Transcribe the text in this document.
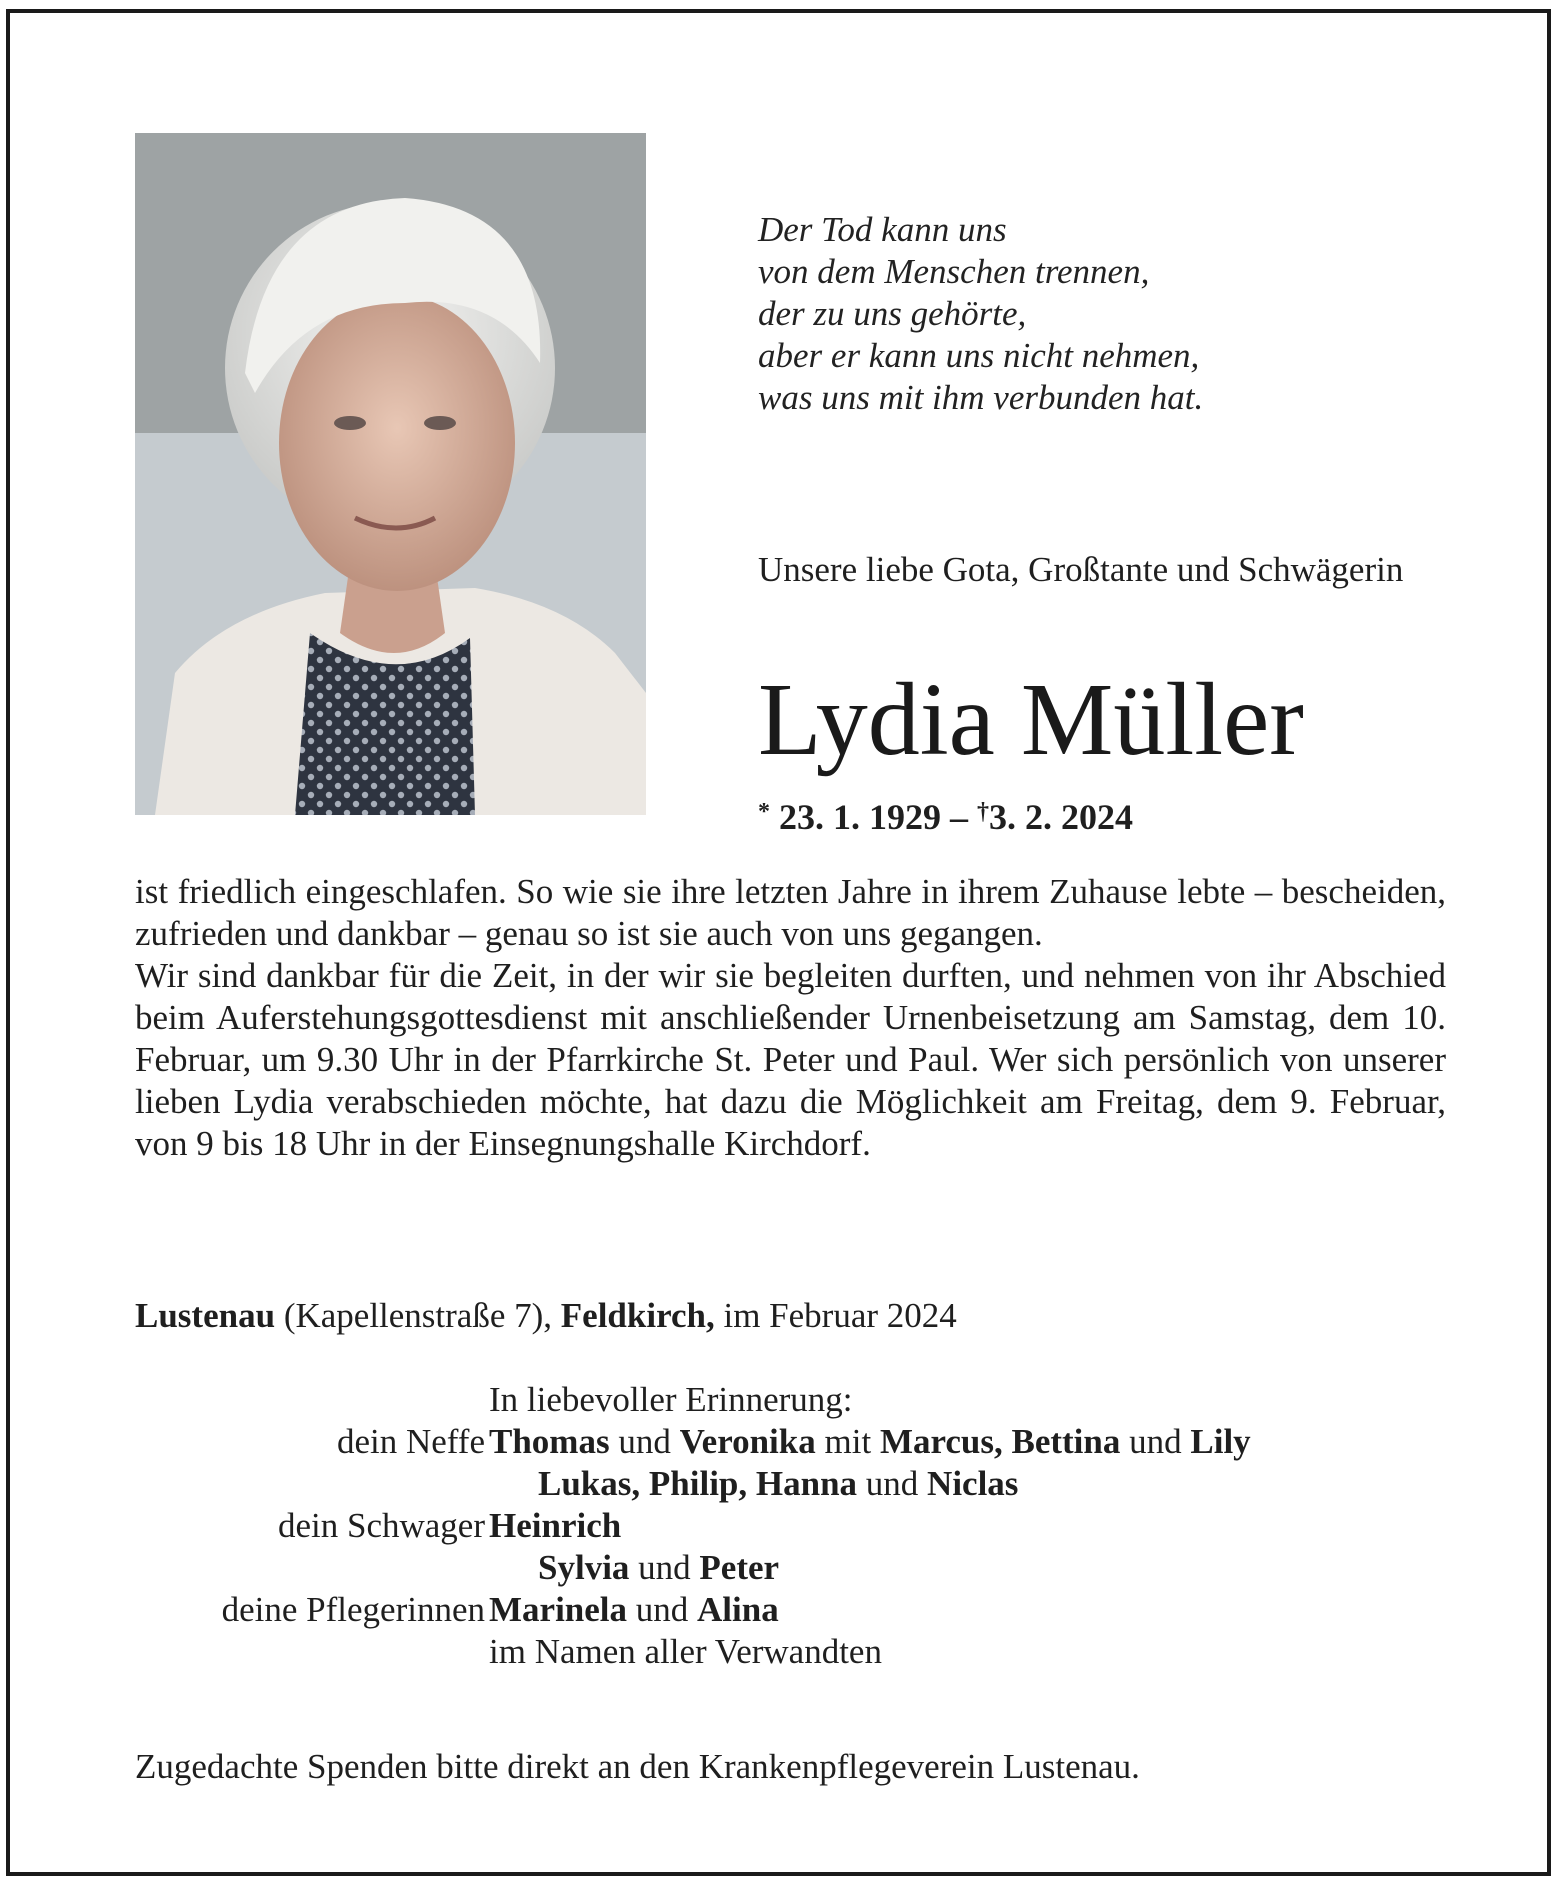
Der Tod kann uns
von dem Menschen trennen,
der zu uns gehörte,
aber er kann uns nicht nehmen,
was uns mit ihm verbunden hat.
Unsere liebe Gota, Großtante und Schwägerin
Lydia Müller
* 23. 1. 1929 – †3. 2. 2024

ist friedlich eingeschlafen. So wie sie ihre letzten Jahre in ihrem Zuhause lebte – bescheiden, zufrieden und dankbar – genau so ist sie auch von uns gegangen.

Wir sind dankbar für die Zeit, in der wir sie begleiten durften, und nehmen von ihr Abschied beim Auferstehungsgottesdienst mit anschließender Urnenbeisetzung am Samstag, dem 10. Februar, um 9.30 Uhr in der Pfarrkirche St. Peter und Paul. Wer sich persönlich von unserer lieben Lydia verabschieden möchte, hat dazu die Möglichkeit am Freitag, dem 9. Februar, von 9 bis 18 Uhr in der Einsegnungshalle Kirchdorf.

Lustenau (Kapellenstraße 7), Feldkirch, im Februar 2024
In liebevoller Erinnerung:
dein Neffe Thomas und Veronika mit Marcus, Bettina und Lily
Lukas, Philip, Hanna und Niclas
dein Schwager Heinrich
Sylvia und Peter
deine Pflegerinnen Marinela und Alina
im Namen aller Verwandten
Zugedachte Spenden bitte direkt an den Krankenpflegeverein Lustenau.
